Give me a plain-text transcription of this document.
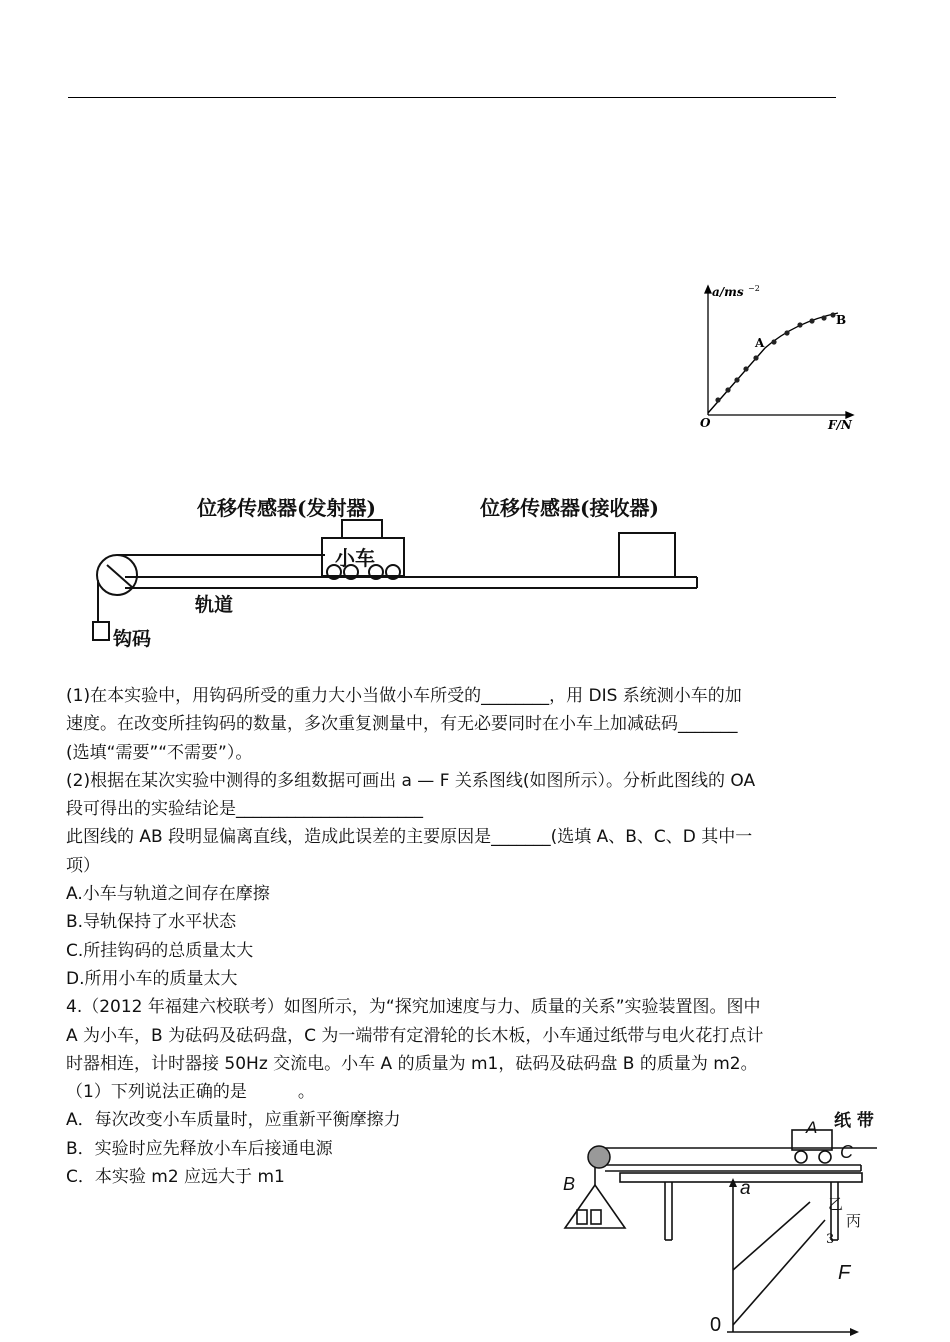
a/ms −2
O	F/N
A
B
位移传感器(发射器)	位移传感器(接收器)
小车
轨道
钩码

(1)在本实验中，用钩码所受的重力大小当做小车所受的________，用 DIS 系统测小车的加

速度。在改变所挂钩码的数量，多次重复测量中，有无必要同时在小车上加减砝码_______

(选填“需要”“不需要”）。

(2)根据在某次实验中测得的多组数据可画出 a — F 关系图线(如图所示）。分析此图线的 OA

段可得出的实验结论是______________________

此图线的 AB 段明显偏离直线，造成此误差的主要原因是_______(选填 A、B、C、D 其中一

项）

A.小车与轨道之间存在摩擦

B.导轨保持了水平状态

C.所挂钩码的总质量太大

D.所用小车的质量太大

4.（2012 年福建六校联考）如图所示，为“探究加速度与力、质量的关系”实验装置图。图中

A 为小车，B 为砝码及砝码盘，C 为一端带有定滑轮的长木板，小车通过纸带与电火花打点计

时器相连，计时器接 50Hz 交流电。小车 A 的质量为 m1，砝码及砝码盘 B 的质量为 m2。

（1）下列说法正确的是　　　。

A．每次改变小车质量时，应重新平衡摩擦力

B．实验时应先释放小车后接通电源

C．本实验 m2 应远大于 m1

纸 带
A
C
B	a
乙
丙
3
F
0
